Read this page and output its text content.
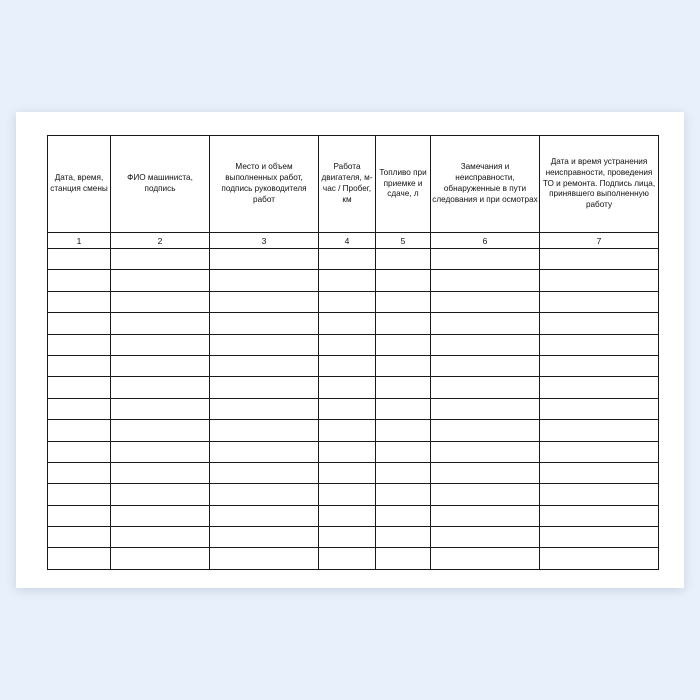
Дата, время, станция смены	ФИО машиниста, подпись	Место и объем выполненных работ, подпись руководителя работ	Работа двигателя, м-час / Пробег, км	Топливо при приемке и сдаче, л	Замечания и неисправности, обнаруженные в пути следования и при осмотрах	Дата и время устранения неисправности, проведения ТО и ремонта. Подпись лица, принявшего выполненную работу
1	2	3	4	5	6	7
